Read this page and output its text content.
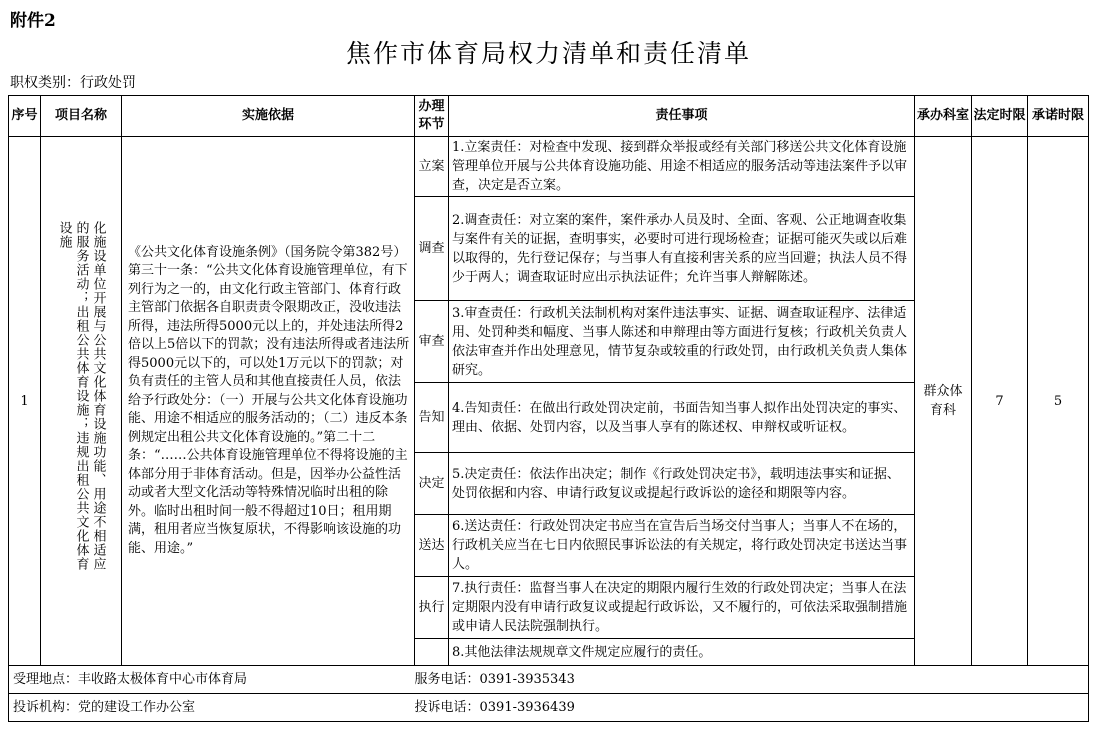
附件2
焦作市体育局权力清单和责任清单
职权类别：行政处罚
序号	项目名称	实施依据	办理环节	责任事项	承办科室	法定时限	承诺时限
1	化施设单位开展与公共文化体育设施功能、用途不相适应的服务活动；出租公共体育设施；违规出租公共文化体育设施	《公共文化体育设施条例》（国务院令第382号）第三十一条：“公共文化体育设施管理单位，有下列行为之一的，由文化行政主管部门、体育行政主管部门依据各自职责责令限期改正，没收违法所得，违法所得5000元以上的，并处违法所得2倍以上5倍以下的罚款；没有违法所得或者违法所得5000元以下的，可以处1万元以下的罚款；对负有责任的主管人员和其他直接责任人员，依法给予行政处分：（一）开展与公共文化体育设施功能、用途不相适应的服务活动的；（二）违反本条例规定出租公共文化体育设施的。”第二十二条：“……公共体育设施管理单位不得将设施的主体部分用于非体育活动。但是，因举办公益性活动或者大型文化活动等特殊情况临时出租的除外。临时出租时间一般不得超过10日；租用期满，租用者应当恢复原状，不得影响该设施的功能、用途。”	立案	1.立案责任：对检查中发现、接到群众举报或经有关部门移送公共文化体育设施管理单位开展与公共体育设施功能、用途不相适应的服务活动等违法案件予以审查，决定是否立案。	群众体育科	7	5
			调查	2.调查责任：对立案的案件，案件承办人员及时、全面、客观、公正地调查收集与案件有关的证据，查明事实，必要时可进行现场检查；证据可能灭失或以后难以取得的，先行登记保存；与当事人有直接利害关系的应当回避；执法人员不得少于两人；调查取证时应出示执法证件；允许当事人辩解陈述。			
			审查	3.审查责任：行政机关法制机构对案件违法事实、证据、调查取证程序、法律适用、处罚种类和幅度、当事人陈述和申辩理由等方面进行复核；行政机关负责人依法审查并作出处理意见，情节复杂或较重的行政处罚，由行政机关负责人集体研究。			
			告知	4.告知责任：在做出行政处罚决定前，书面告知当事人拟作出处罚决定的事实、理由、依据、处罚内容，以及当事人享有的陈述权、申辩权或听证权。			
			决定	5.决定责任：依法作出决定；制作《行政处罚决定书》，载明违法事实和证据、处罚依据和内容、申请行政复议或提起行政诉讼的途径和期限等内容。			
			送达	6.送达责任：行政处罚决定书应当在宣告后当场交付当事人；当事人不在场的，行政机关应当在七日内依照民事诉讼法的有关规定，将行政处罚决定书送达当事人。			
			执行	7.执行责任：监督当事人在决定的期限内履行生效的行政处罚决定；当事人在法定期限内没有申请行政复议或提起行政诉讼，又不履行的，可依法采取强制措施或申请人民法院强制执行。			
				8.其他法律法规规章文件规定应履行的责任。			
受理地点：丰收路太极体育中心市体育局			服务电话：0391-3935343				
投诉机构：党的建设工作办公室			投诉电话：0391-3936439				
